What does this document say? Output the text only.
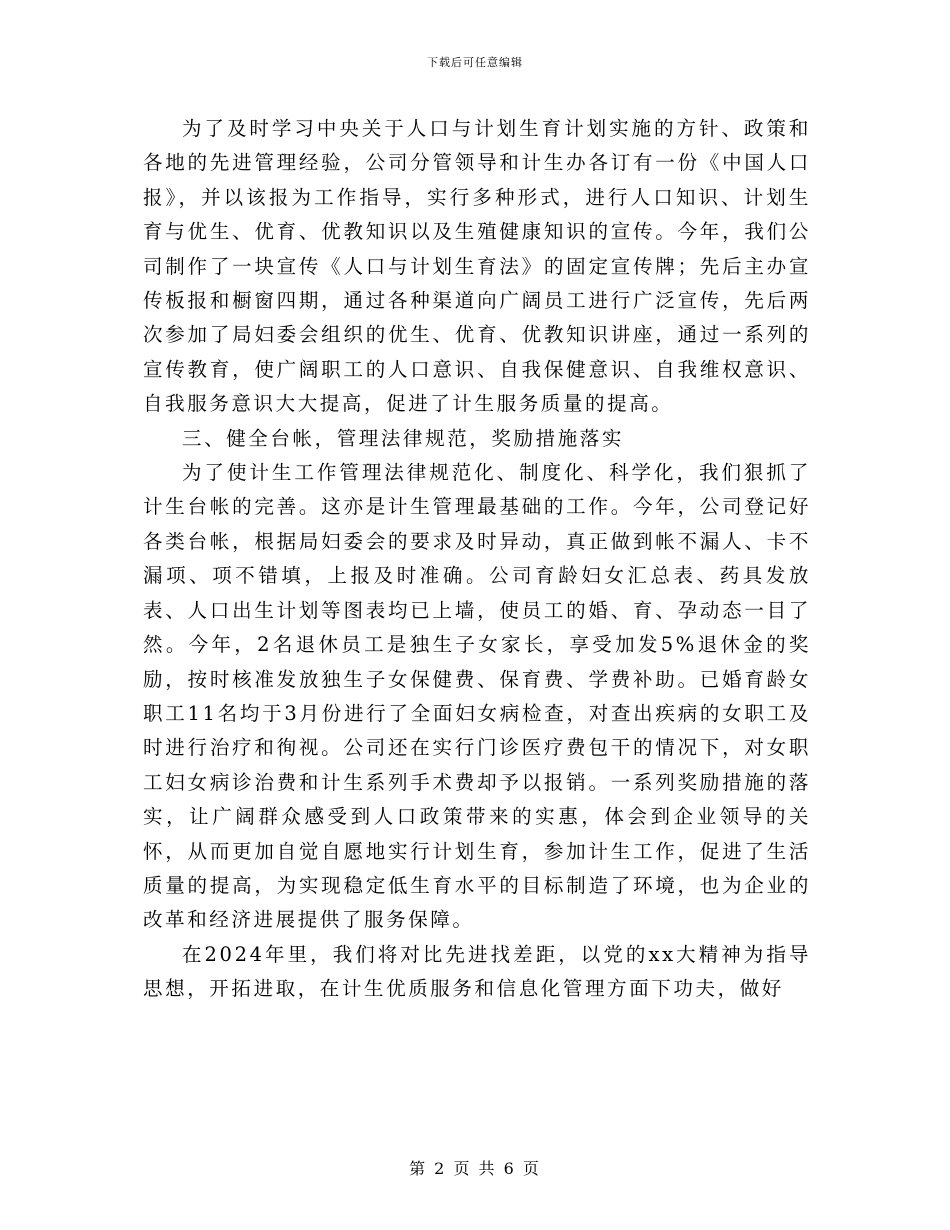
下载后可任意编辑

为了及时学习中央关于人口与计划生育计划实施的方针、政策和各地的先进管理经验，公司分管领导和计生办各订有一份《中国人口报》，并以该报为工作指导，实行多种形式，进行人口知识、计划生育与优生、优育、优教知识以及生殖健康知识的宣传。今年，我们公司制作了一块宣传《人口与计划生育法》的固定宣传牌；先后主办宣传板报和橱窗四期，通过各种渠道向广阔员工进行广泛宣传，先后两次参加了局妇委会组织的优生、优育、优教知识讲座，通过一系列的宣传教育，使广阔职工的人口意识、自我保健意识、自我维权意识、自我服务意识大大提高，促进了计生服务质量的提高。

三、健全台帐，管理法律规范，奖励措施落实

为了使计生工作管理法律规范化、制度化、科学化，我们狠抓了计生台帐的完善。这亦是计生管理最基础的工作。今年，公司登记好各类台帐，根据局妇委会的要求及时异动，真正做到帐不漏人、卡不漏项、项不错填，上报及时准确。公司育龄妇女汇总表、药具发放表、人口出生计划等图表均已上墙，使员工的婚、育、孕动态一目了然。今年，2名退休员工是独生子女家长，享受加发5%退休金的奖励，按时核准发放独生子女保健费、保育费、学费补助。已婚育龄女职工11名均于3月份进行了全面妇女病检查，对查出疾病的女职工及时进行治疗和徇视。公司还在实行门诊医疗费包干的情况下，对女职工妇女病诊治费和计生系列手术费却予以报销。一系列奖励措施的落实，让广阔群众感受到人口政策带来的实惠，体会到企业领导的关怀，从而更加自觉自愿地实行计划生育，参加计生工作，促进了生活质量的提高，为实现稳定低生育水平的目标制造了环境，也为企业的改革和经济进展提供了服务保障。

在2024年里，我们将对比先进找差距，以党的xx大精神为指导思想，开拓进取，在计生优质服务和信息化管理方面下功夫，做好

第 2 页 共 6 页
